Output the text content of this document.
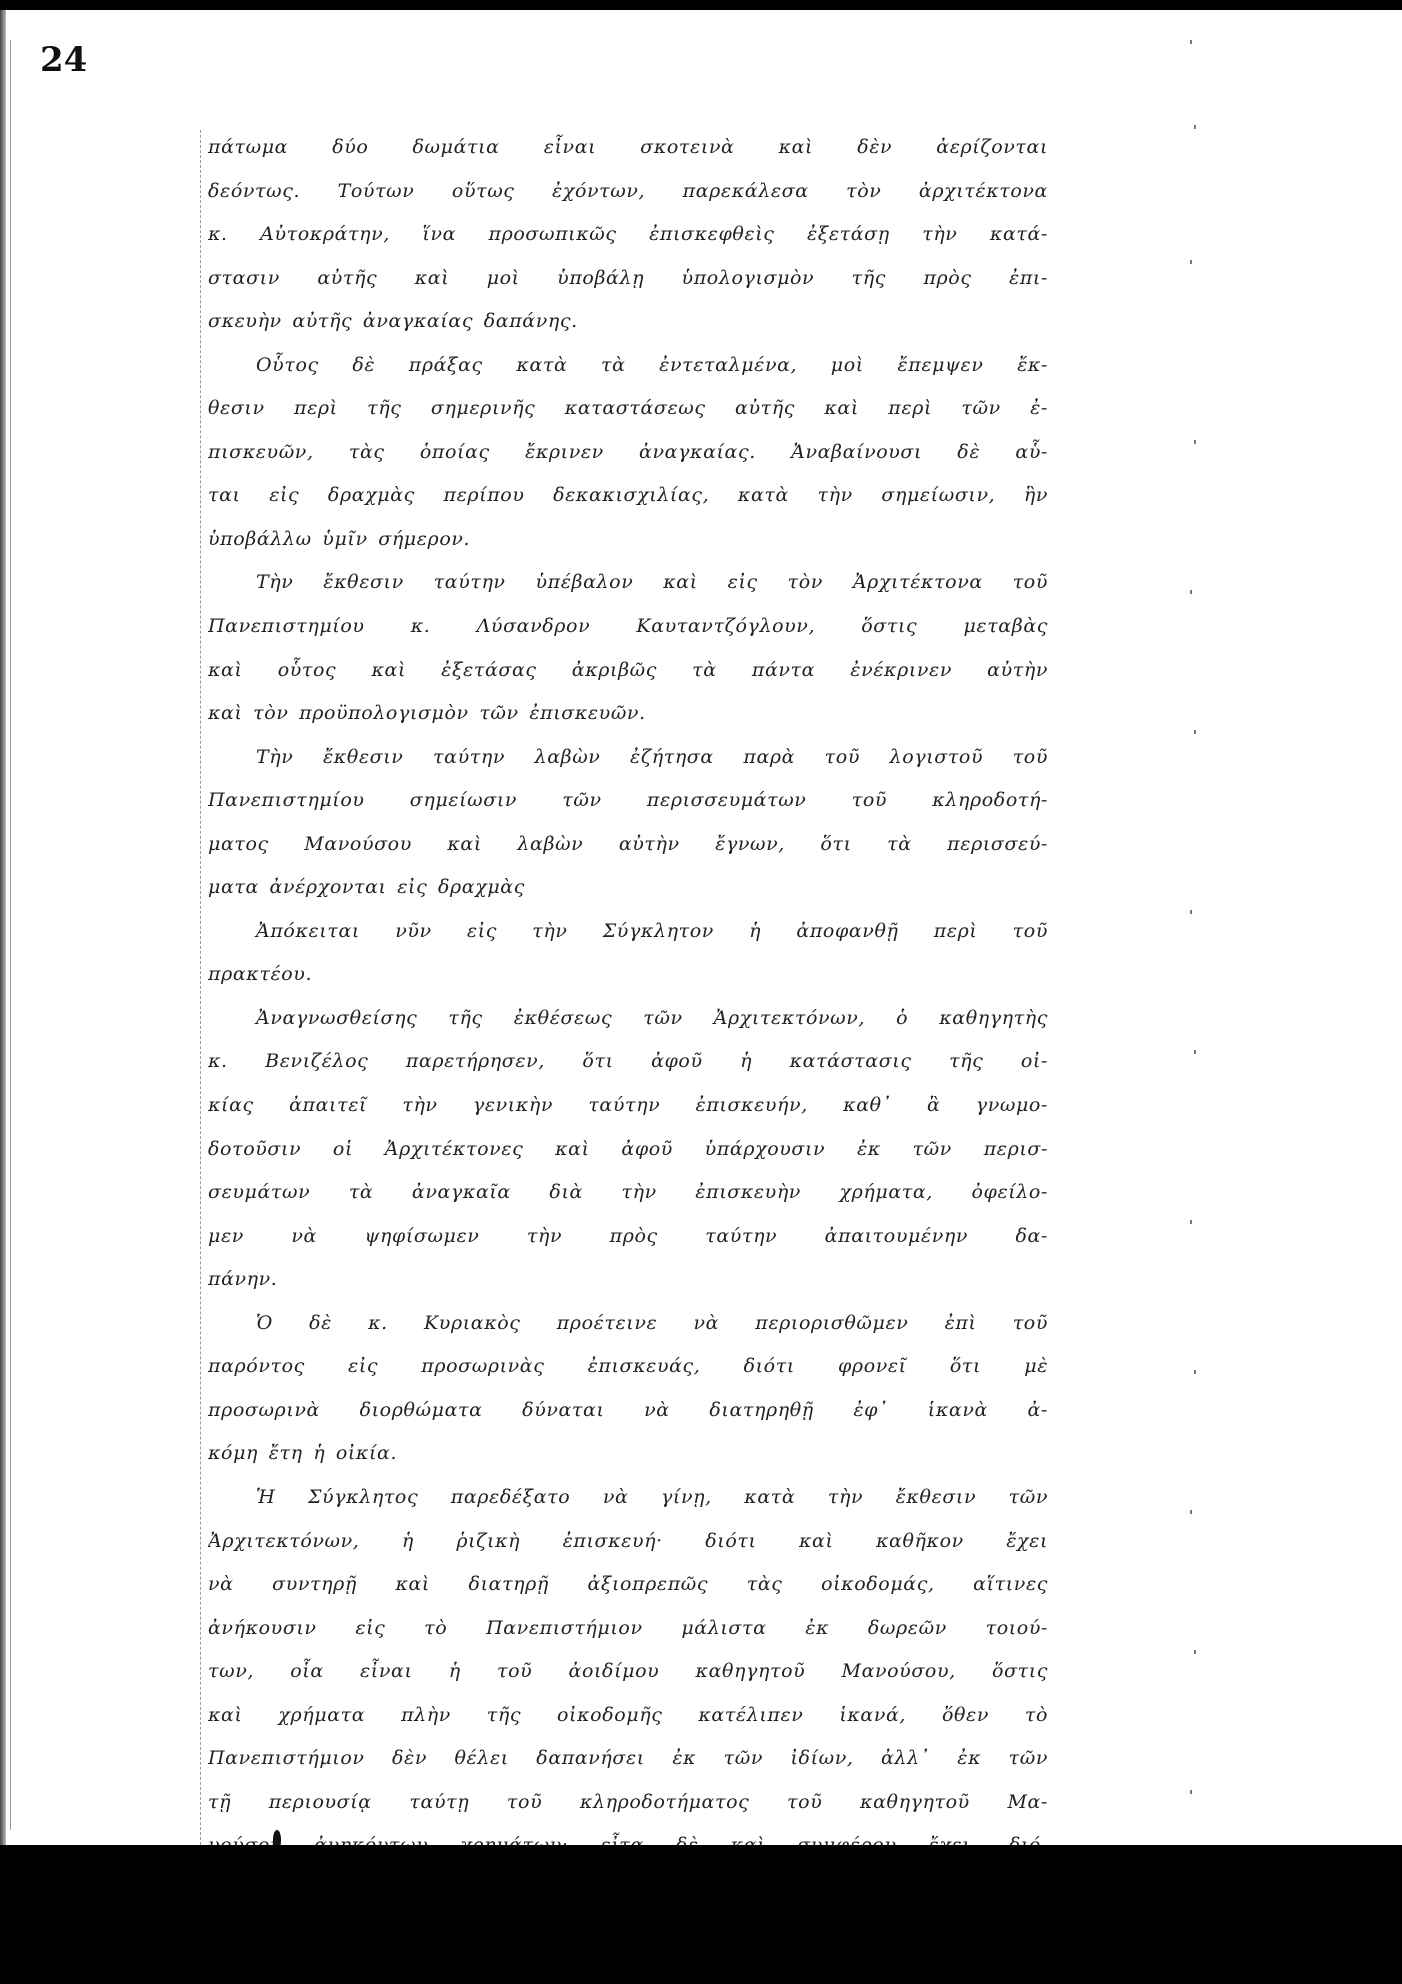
24
πάτωμα δύο δωμάτια εἶναι σκοτεινὰ καὶ δὲν ἀερίζονται
δεόντως. Τούτων οὕτως ἐχόντων, παρεκάλεσα τὸν ἀρχιτέκτονα
κ. Αὐτοκράτην, ἵνα προσωπικῶς ἐπισκεφθεὶς ἐξετάσῃ τὴν κατά-
στασιν αὐτῆς καὶ μοὶ ὑποβάλῃ ὑπολογισμὸν τῆς πρὸς ἐπι-
σκευὴν αὐτῆς ἀναγκαίας δαπάνης.
Οὗτος δὲ πράξας κατὰ τὰ ἐντεταλμένα, μοὶ ἔπεμψεν ἔκ-
θεσιν περὶ τῆς σημερινῆς καταστάσεως αὐτῆς καὶ περὶ τῶν ἐ-
πισκευῶν, τὰς ὁποίας ἔκρινεν ἀναγκαίας. Ἀναβαίνουσι δὲ αὗ-
ται εἰς δραχμὰς περίπου δεκακισχιλίας, κατὰ τὴν σημείωσιν, ἣν
ὑποβάλλω ὑμῖν σήμερον.
Τὴν ἔκθεσιν ταύτην ὑπέβαλον καὶ εἰς τὸν Ἀρχιτέκτονα τοῦ
Πανεπιστημίου κ. Λύσανδρον Καυταντζόγλουν, ὅστις μεταβὰς
καὶ οὗτος καὶ ἐξετάσας ἀκριβῶς τὰ πάντα ἐνέκρινεν αὐτὴν
καὶ τὸν προϋπολογισμὸν τῶν ἐπισκευῶν.
Τὴν ἔκθεσιν ταύτην λαβὼν ἐζήτησα παρὰ τοῦ λογιστοῦ τοῦ
Πανεπιστημίου σημείωσιν τῶν περισσευμάτων τοῦ κληροδοτή-
ματος Μανούσου καὶ λαβὼν αὐτὴν ἔγνων, ὅτι τὰ περισσεύ-
ματα ἀνέρχονται εἰς δραχμὰς
Ἀπόκειται νῦν εἰς τὴν Σύγκλητον ἡ ἀποφανθῇ περὶ τοῦ
πρακτέου.
Ἀναγνωσθείσης τῆς ἐκθέσεως τῶν Ἀρχιτεκτόνων, ὁ καθηγητὴς
κ. Βενιζέλος παρετήρησεν, ὅτι ἀφοῦ ἡ κατάστασις τῆς οἰ-
κίας ἀπαιτεῖ τὴν γενικὴν ταύτην ἐπισκευήν, καθ᾽ ἃ γνωμο-
δοτοῦσιν οἱ Ἀρχιτέκτονες καὶ ἀφοῦ ὑπάρχουσιν ἐκ τῶν περισ-
σευμάτων τὰ ἀναγκαῖα διὰ τὴν ἐπισκευὴν χρήματα, ὀφείλο-
μεν νὰ ψηφίσωμεν τὴν πρὸς ταύτην ἀπαιτουμένην δα-
πάνην.
Ὁ δὲ κ. Κυριακὸς προέτεινε νὰ περιορισθῶμεν ἐπὶ τοῦ
παρόντος εἰς προσωρινὰς ἐπισκευάς, διότι φρονεῖ ὅτι μὲ
προσωρινὰ διορθώματα δύναται νὰ διατηρηθῇ ἐφ᾽ ἱκανὰ ἀ-
κόμη ἔτη ἡ οἰκία.
Ἡ Σύγκλητος παρεδέξατο νὰ γίνῃ, κατὰ τὴν ἔκθεσιν τῶν
Ἀρχιτεκτόνων, ἡ ῥιζικὴ ἐπισκευή· διότι καὶ καθῆκον ἔχει
νὰ συντηρῇ καὶ διατηρῇ ἀξιοπρεπῶς τὰς οἰκοδομάς, αἵτινες
ἀνήκουσιν εἰς τὸ Πανεπιστήμιον μάλιστα ἐκ δωρεῶν τοιού-
των, οἷα εἶναι ἡ τοῦ ἀοιδίμου καθηγητοῦ Μανούσου, ὅστις
καὶ χρήματα πλὴν τῆς οἰκοδομῆς κατέλιπεν ἱκανά, ὅθεν τὸ
Πανεπιστήμιον δὲν θέλει δαπανήσει ἐκ τῶν ἰδίων, ἀλλ᾽ ἐκ τῶν
τῇ περιουσίᾳ ταύτῃ τοῦ κληροδοτήματος τοῦ καθηγητοῦ Μα-
